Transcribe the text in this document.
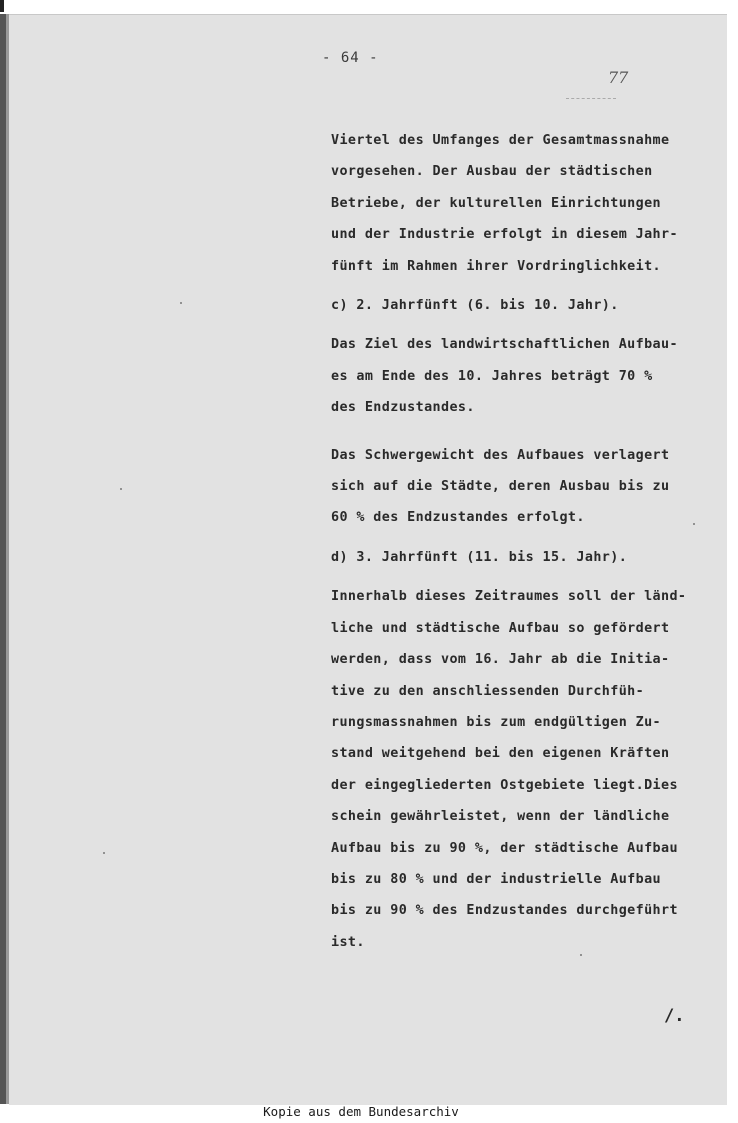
- 64 -
77
Viertel des Umfanges der Gesamtmassnahme
vorgesehen. Der Ausbau der städtischen
Betriebe, der kulturellen Einrichtungen
und der Industrie erfolgt in diesem Jahr-
fünft im Rahmen ihrer Vordringlichkeit.
c) 2. Jahrfünft (6. bis 10. Jahr).
Das Ziel des landwirtschaftlichen Aufbau-
es am Ende des 10. Jahres beträgt 70 %
des Endzustandes.
Das Schwergewicht des Aufbaues verlagert
sich auf die Städte, deren Ausbau bis zu
60 % des Endzustandes erfolgt.
d) 3. Jahrfünft (11. bis 15. Jahr).
Innerhalb dieses Zeitraumes soll der länd-
liche und städtische Aufbau so gefördert
werden, dass vom 16. Jahr ab die Initia-
tive zu den anschliessenden Durchfüh-
rungsmassnahmen bis zum endgültigen Zu-
stand weitgehend bei den eigenen Kräften
der eingegliederten Ostgebiete liegt.Dies
schein gewährleistet, wenn der ländliche
Aufbau bis zu 90 %, der städtische Aufbau
bis zu 80 % und der industrielle Aufbau
bis zu 90 % des Endzustandes durchgeführt
ist.
/.
Kopie aus dem Bundesarchiv
